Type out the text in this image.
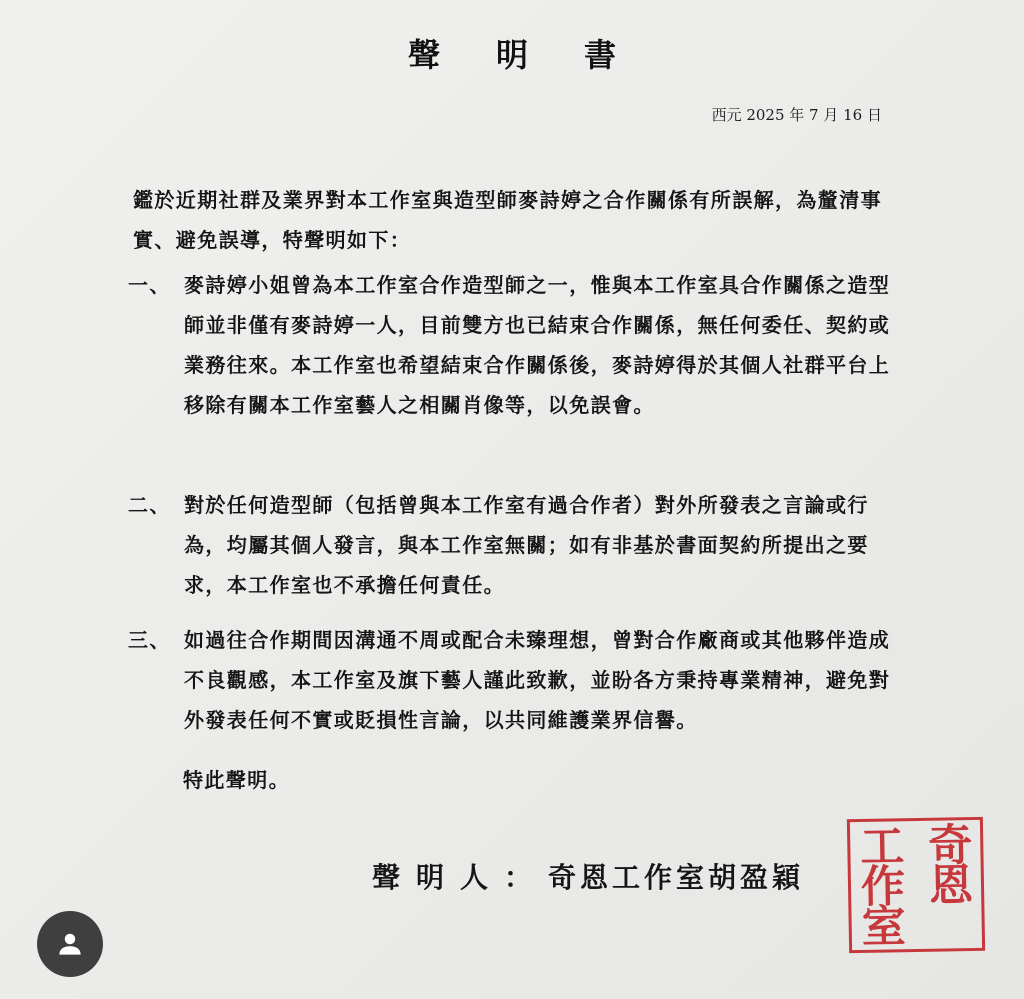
聲明書
西元 2025 年 7 月 16 日
鑑於近期社群及業界對本工作室與造型師麥詩婷之合作關係有所誤解，為釐清事實、避免誤導，特聲明如下：
一、 麥詩婷小姐曾為本工作室合作造型師之一，惟與本工作室具合作關係之造型師並非僅有麥詩婷一人，目前雙方也已結束合作關係，無任何委任、契約或業務往來。本工作室也希望結束合作關係後，麥詩婷得於其個人社群平台上移除有關本工作室藝人之相關肖像等，以免誤會。
二、 對於任何造型師（包括曾與本工作室有過合作者）對外所發表之言論或行為，均屬其個人發言，與本工作室無關；如有非基於書面契約所提出之要求，本工作室也不承擔任何責任。
三、 如過往合作期間因溝通不周或配合未臻理想，曾對合作廠商或其他夥伴造成不良觀感，本工作室及旗下藝人謹此致歉，並盼各方秉持專業精神，避免對外發表任何不實或貶損性言論，以共同維護業界信譽。
特此聲明。
聲明人：奇恩工作室胡盈穎
奇
恩
工
作
室
